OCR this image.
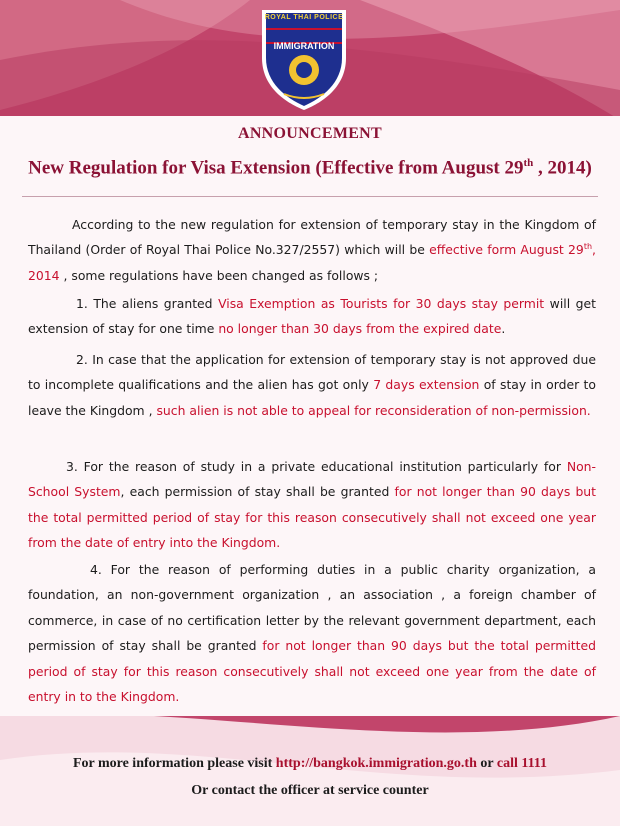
ROYAL THAI POLICE
IMMIGRATION
ANNOUNCEMENT
New Regulation for Visa Extension (Effective from August 29th , 2014)
According to the new regulation for extension of temporary stay in the Kingdom of Thailand (Order of Royal Thai Police No.327/2557) which will be effective form August 29th, 2014 , some regulations have been changed as follows ;
1. The aliens granted Visa Exemption as Tourists for 30 days stay permit will get extension of stay for one time no longer than 30 days from the expired date.
2. In case that the application for extension of temporary stay is not approved due to incomplete qualifications and the alien has got only 7 days extension of stay in order to leave the Kingdom , such alien is not able to appeal for reconsideration of non-permission.
3. For the reason of study in a private educational institution particularly for Non-School System, each permission of stay shall be granted for not longer than 90 days but the total permitted period of stay for this reason consecutively shall not exceed one year from the date of entry into the Kingdom.
4. For the reason of performing duties in a public charity organization, a foundation, an non-government organization , an association , a foreign chamber of commerce, in case of no certification letter by the relevant government department, each permission of stay shall be granted for not longer than 90 days but the total permitted period of stay for this reason consecutively shall not exceed one year from the date of entry in to the Kingdom.
For more information please visit http://bangkok.immigration.go.th or call 1111
Or contact the officer at service counter
